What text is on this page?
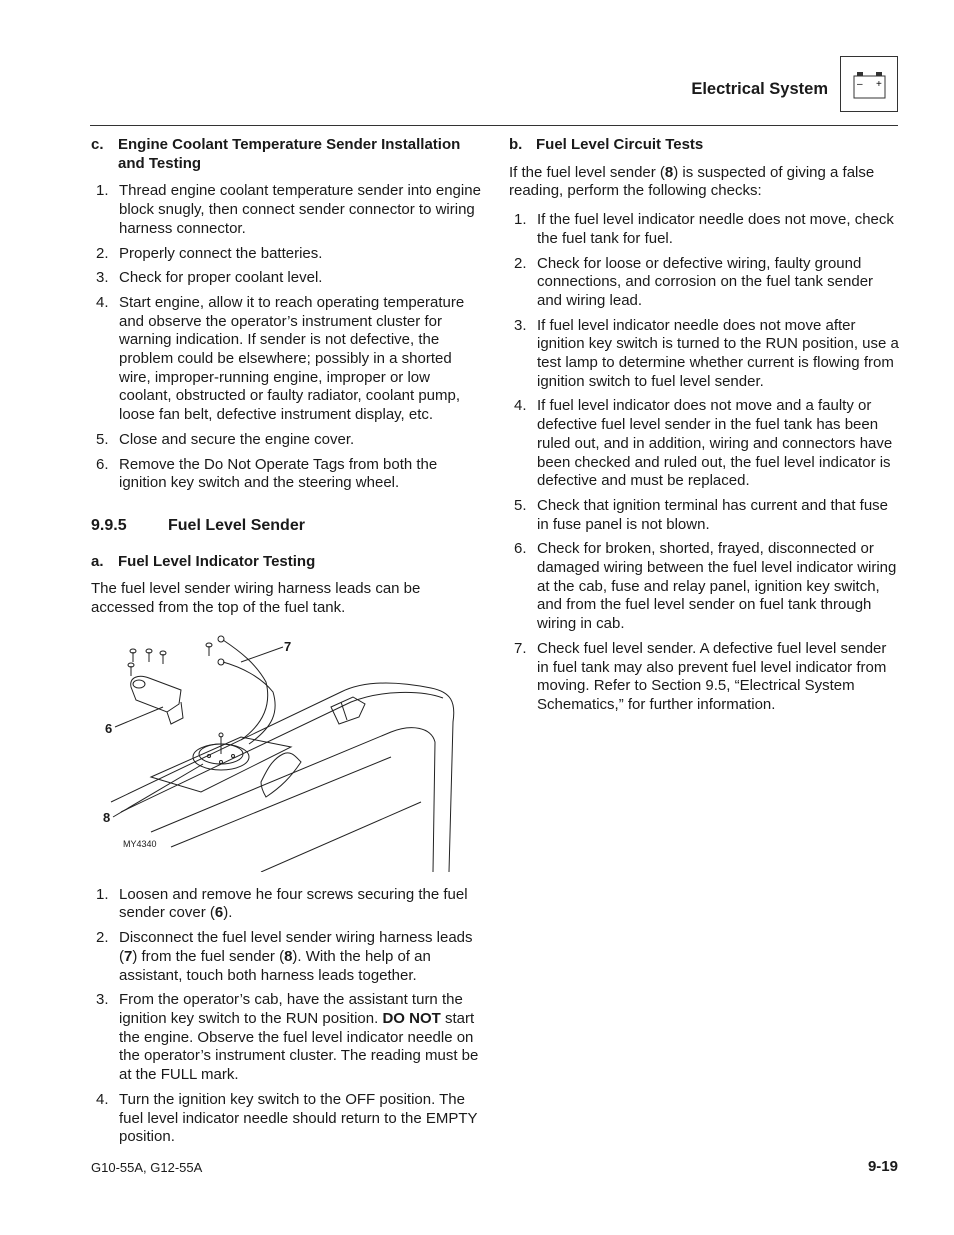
Electrical System	– +
c. Engine Coolant Temperature Sender Installation and Testing
1. Thread engine coolant temperature sender into engine block snugly, then connect sender connector to wiring harness connector.
2. Properly connect the batteries.
3. Check for proper coolant level.
4. Start engine, allow it to reach operating temperature and observe the operator’s instrument cluster for warning indication. If sender is not defective, the problem could be elsewhere; possibly in a shorted wire, improper-running engine, improper or low coolant, obstructed or faulty radiator, coolant pump, loose fan belt, defective instrument display, etc.
5. Close and secure the engine cover.
6. Remove the Do Not Operate Tags from both the ignition key switch and the steering wheel.
9.9.5	Fuel Level Sender
a. Fuel Level Indicator Testing

The fuel level sender wiring harness leads can be accessed from the top of the fuel tank.

7
6
8
MY4340
1. Loosen and remove he four screws securing the fuel sender cover (6).
2. Disconnect the fuel level sender wiring harness leads (7) from the fuel sender (8). With the help of an assistant, touch both harness leads together.
3. From the operator’s cab, have the assistant turn the ignition key switch to the RUN position. DO NOT start the engine. Observe the fuel level indicator needle on the operator’s instrument cluster. The reading must be at the FULL mark.
4. Turn the ignition key switch to the OFF position. The fuel level indicator needle should return to the EMPTY position.
b. Fuel Level Circuit Tests

If the fuel level sender (8) is suspected of giving a false reading, perform the following checks:

1. If the fuel level indicator needle does not move, check the fuel tank for fuel.
2. Check for loose or defective wiring, faulty ground connections, and corrosion on the fuel tank sender and wiring lead.
3. If fuel level indicator needle does not move after ignition key switch is turned to the RUN position, use a test lamp to determine whether current is flowing from ignition switch to fuel level sender.
4. If fuel level indicator does not move and a faulty or defective fuel level sender in the fuel tank has been ruled out, and in addition, wiring and connectors have been checked and ruled out, the fuel level indicator is defective and must be replaced.
5. Check that ignition terminal has current and that fuse in fuse panel is not blown.
6. Check for broken, shorted, frayed, disconnected or damaged wiring between the fuel level indicator wiring at the cab, fuse and relay panel, ignition key switch, and from the fuel level sender on fuel tank through wiring in cab.
7. Check fuel level sender. A defective fuel level sender in fuel tank may also prevent fuel level indicator from moving. Refer to Section 9.5, “Electrical System Schematics,” for further information.
G10-55A, G12-55A	9-19
